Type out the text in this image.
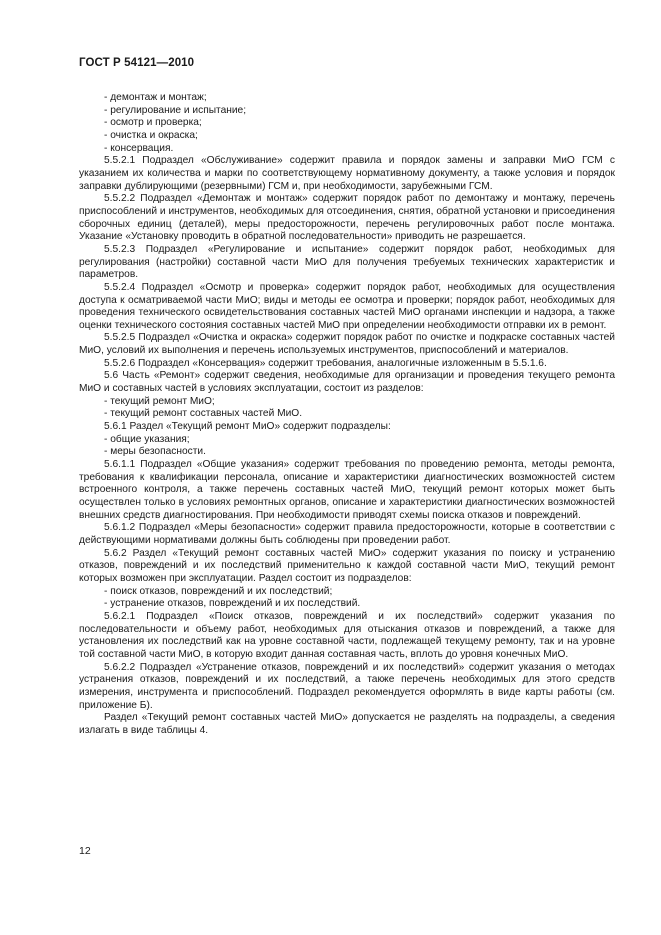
ГОСТ Р 54121—2010
- демонтаж и монтаж;
- регулирование и испытание;
- осмотр и проверка;
- очистка и окраска;
- консервация.

5.5.2.1 Подраздел «Обслуживание» содержит правила и порядок замены и заправки МиО ГСМ с указанием их количества и марки по соответствующему нормативному документу, а также условия и порядок заправки дублирующими (резервными) ГСМ и, при необходимости, зарубежными ГСМ.

5.5.2.2 Подраздел «Демонтаж и монтаж» содержит порядок работ по демонтажу и монтажу, перечень приспособлений и инструментов, необходимых для отсоединения, снятия, обратной установки и присоединения сборочных единиц (деталей), меры предосторожности, перечень регулировочных работ после монтажа. Указание «Установку проводить в обратной последовательности» приводить не разрешается.

5.5.2.3 Подраздел «Регулирование и испытание» содержит порядок работ, необходимых для регулирования (настройки) составной части МиО для получения требуемых технических характеристик и параметров.

5.5.2.4 Подраздел «Осмотр и проверка» содержит порядок работ, необходимых для осуществления доступа к осматриваемой части МиО; виды и методы ее осмотра и проверки; порядок работ, необходимых для проведения технического освидетельствования составных частей МиО органами инспекции и надзора, а также оценки технического состояния составных частей МиО при определении необходимости отправки их в ремонт.

5.5.2.5 Подраздел «Очистка и окраска» содержит порядок работ по очистке и подкраске составных частей МиО, условий их выполнения и перечень используемых инструментов, приспособлений и материалов.

5.5.2.6 Подраздел «Консервация» содержит требования, аналогичные изложенным в 5.5.1.6.

5.6 Часть «Ремонт» содержит сведения, необходимые для организации и проведения текущего ремонта МиО и составных частей в условиях эксплуатации, состоит из разделов:

- текущий ремонт МиО;
- текущий ремонт составных частей МиО.

5.6.1 Раздел «Текущий ремонт МиО» содержит подразделы:

- общие указания;
- меры безопасности.

5.6.1.1 Подраздел «Общие указания» содержит требования по проведению ремонта, методы ремонта, требования к квалификации персонала, описание и характеристики диагностических возможностей систем встроенного контроля, а также перечень составных частей МиО, текущий ремонт которых может быть осуществлен только в условиях ремонтных органов, описание и характеристики диагностических возможностей внешних средств диагностирования. При необходимости приводят схемы поиска отказов и повреждений.

5.6.1.2 Подраздел «Меры безопасности» содержит правила предосторожности, которые в соответствии с действующими нормативами должны быть соблюдены при проведении работ.

5.6.2 Раздел «Текущий ремонт составных частей МиО» содержит указания по поиску и устранению отказов, повреждений и их последствий применительно к каждой составной части МиО, текущий ремонт которых возможен при эксплуатации. Раздел состоит из подразделов:

- поиск отказов, повреждений и их последствий;
- устранение отказов, повреждений и их последствий.

5.6.2.1 Подраздел «Поиск отказов, повреждений и их последствий» содержит указания по последовательности и объему работ, необходимых для отыскания отказов и повреждений, а также для установления их последствий как на уровне составной части, подлежащей текущему ремонту, так и на уровне той составной части МиО, в которую входит данная составная часть, вплоть до уровня конечных МиО.

5.6.2.2 Подраздел «Устранение отказов, повреждений и их последствий» содержит указания о методах устранения отказов, повреждений и их последствий, а также перечень необходимых для этого средств измерения, инструмента и приспособлений. Подраздел рекомендуется оформлять в виде карты работы (см. приложение Б).

Раздел «Текущий ремонт составных частей МиО» допускается не разделять на подразделы, а сведения излагать в виде таблицы 4.

12
